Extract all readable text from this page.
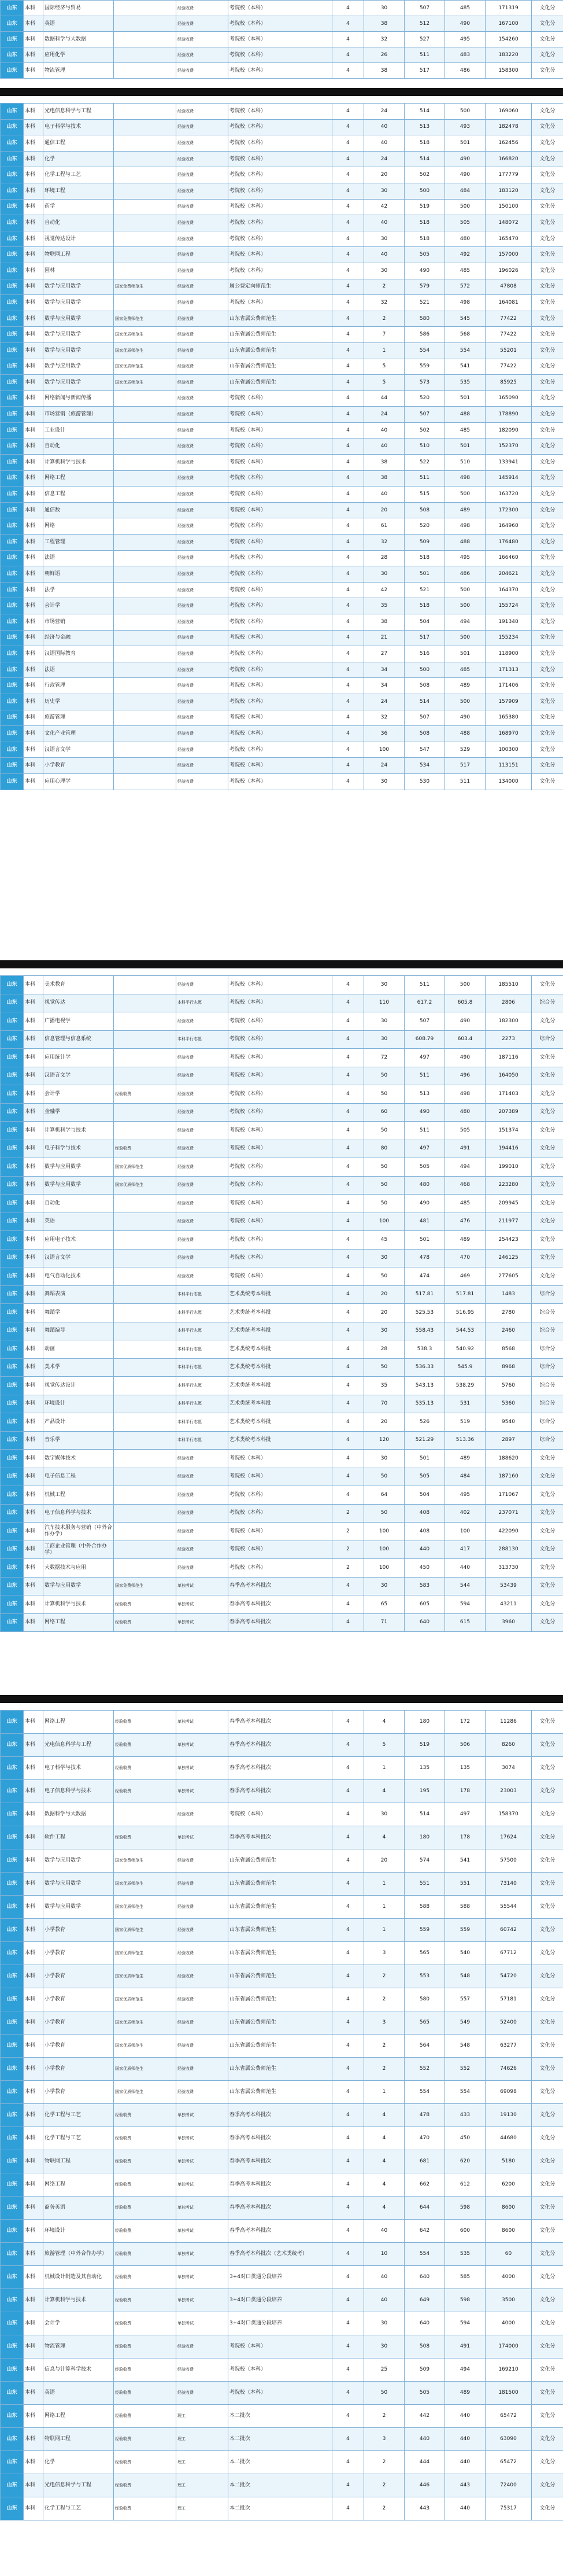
山东	本科	国际经济与贸易		经验收费	考院校（本科）	4	30	507	485	171319	文化分
山东	本科	英语		经验收费	考院校（本科）	4	38	512	490	167100	文化分
山东	本科	数据科学与大数据		经验收费	考院校（本科）	4	32	527	495	154260	文化分
山东	本科	应用化学		经验收费	考院校（本科）	4	26	511	483	183220	文化分
山东	本科	物流管理		经验收费	考院校（本科）	4	38	517	486	158300	文化分
山东	本科	光电信息科学与工程		经验收费	考院校（本科）	4	24	514	500	169060	文化分
山东	本科	电子科学与技术		经验收费	考院校（本科）	4	40	513	493	182478	文化分
山东	本科	通信工程		经验收费	考院校（本科）	4	40	518	501	162456	文化分
山东	本科	化学		经验收费	考院校（本科）	4	24	514	490	166820	文化分
山东	本科	化学工程与工艺		经验收费	考院校（本科）	4	20	502	490	177779	文化分
山东	本科	环境工程		经验收费	考院校（本科）	4	30	500	484	183120	文化分
山东	本科	药学		经验收费	考院校（本科）	4	42	519	500	150100	文化分
山东	本科	自动化		经验收费	考院校（本科）	4	40	518	505	148072	文化分
山东	本科	视觉传达设计		经验收费	考院校（本科）	4	30	518	480	165470	文化分
山东	本科	物联网工程		经验收费	考院校（本科）	4	40	505	492	157000	文化分
山东	本科	园林		经验收费	考院校（本科）	4	30	490	485	196026	文化分
山东	本科	数学与应用数学	国家免费师范生	经验收费	属公费定向师范生	4	2	579	572	47808	文化分
山东	本科	数学与应用数学		经验收费	考院校（本科）	4	32	521	498	164081	文化分
山东	本科	数学与应用数学	国家免费师范生	经验收费	山东省属公费师范生	4	2	580	545	77422	文化分
山东	本科	数学与应用数学	国家优质师范生	经验收费	山东省属公费师范生	4	7	586	568	77422	文化分
山东	本科	数学与应用数学	国家优质师范生	经验收费	山东省属公费师范生	4	1	554	554	55201	文化分
山东	本科	数学与应用数学	国家优质师范生	经验收费	山东省属公费师范生	4	5	559	541	77422	文化分
山东	本科	数学与应用数学	国家优质师范生	经验收费	山东省属公费师范生	4	5	573	535	85925	文化分
山东	本科	网络新闻与新闻传播		经验收费	考院校（本科）	4	44	520	501	165090	文化分
山东	本科	市场营销（旅游管理）		经验收费	考院校（本科）	4	24	507	488	178890	文化分
山东	本科	工业设计		经验收费	考院校（本科）	4	40	502	485	182090	文化分
山东	本科	自动化		经验收费	考院校（本科）	4	40	510	501	152370	文化分
山东	本科	计算机科学与技术		经验收费	考院校（本科）	4	38	522	510	133941	文化分
山东	本科	网络工程		经验收费	考院校（本科）	4	38	511	498	145914	文化分
山东	本科	信息工程		经验收费	考院校（本科）	4	40	515	500	163720	文化分
山东	本科	通信数		经验收费	考院校（本科）	4	20	508	489	172300	文化分
山东	本科	网络		经验收费	考院校（本科）	4	61	520	498	164960	文化分
山东	本科	工程管理		经验收费	考院校（本科）	4	32	509	488	176480	文化分
山东	本科	法语		经验收费	考院校（本科）	4	28	518	495	166460	文化分
山东	本科	朝鲜语		经验收费	考院校（本科）	4	30	501	486	204621	文化分
山东	本科	法学		经验收费	考院校（本科）	4	42	521	500	164370	文化分
山东	本科	会计学		经验收费	考院校（本科）	4	35	518	500	155724	文化分
山东	本科	市场营销		经验收费	考院校（本科）	4	38	504	494	191340	文化分
山东	本科	经济与金融		经验收费	考院校（本科）	4	21	517	500	155234	文化分
山东	本科	汉语国际教育		经验收费	考院校（本科）	4	27	516	501	118900	文化分
山东	本科	法语		经验收费	考院校（本科）	4	34	500	485	171313	文化分
山东	本科	行政管理		经验收费	考院校（本科）	4	34	508	489	171406	文化分
山东	本科	历史学		经验收费	考院校（本科）	4	24	514	500	157909	文化分
山东	本科	旅游管理		经验收费	考院校（本科）	4	32	507	490	165380	文化分
山东	本科	文化产业管理		经验收费	考院校（本科）	4	36	508	488	168970	文化分
山东	本科	汉语言文学		经验收费	考院校（本科）	4	100	547	529	100300	文化分
山东	本科	小学教育		经验收费	考院校（本科）	4	24	534	517	113151	文化分
山东	本科	应用心理学		经验收费	考院校（本科）	4	30	530	511	134000	文化分
山东	本科	美术教育		经验收费	考院校（本科）	4	30	511	500	185510	文化分
山东	本科	视觉传达		本科平行志愿	考院校（本科）	4	110	617.2	605.8	2806	综合分
山东	本科	广播电视学		经验收费	考院校（本科）	4	30	507	490	182300	文化分
山东	本科	信息管理与信息系统		本科平行志愿	考院校（本科）	4	30	608.79	603.4	2273	综合分
山东	本科	应用统计学		经验收费	考院校（本科）	4	72	497	490	187116	文化分
山东	本科	汉语言文学		经验收费	考院校（本科）	4	50	511	496	164050	文化分
山东	本科	会计学	经验收费	经验收费	考院校（本科）	4	50	513	498	171403	文化分
山东	本科	金融学		经验收费	考院校（本科）	4	60	490	480	207389	文化分
山东	本科	计算机科学与技术		经验收费	考院校（本科）	4	50	511	505	151374	文化分
山东	本科	电子科学与技术	经验收费	经验收费	考院校（本科）	4	80	497	491	194416	文化分
山东	本科	数学与应用数学	国家优质师范生	经验收费	考院校（本科）	4	50	505	494	199010	文化分
山东	本科	数学与应用数学	国家优质师范生	经验收费	考院校（本科）	4	50	480	468	223280	文化分
山东	本科	自动化		经验收费	考院校（本科）	4	50	490	485	209945	文化分
山东	本科	英语		经验收费	考院校（本科）	4	100	481	476	211977	文化分
山东	本科	应用电子技术		经验收费	考院校（本科）	4	45	501	489	254423	文化分
山东	本科	汉语言文学		经验收费	考院校（本科）	4	30	478	470	246125	文化分
山东	本科	电气自动化技术		经验收费	考院校（本科）	4	50	474	469	277605	文化分
山东	本科	舞蹈表演		本科平行志愿	艺术类统考本科批	4	20	517.81	517.81	1483	综合分
山东	本科	舞蹈学		本科平行志愿	艺术类统考本科批	4	20	525.53	516.95	2780	综合分
山东	本科	舞蹈编导		本科平行志愿	艺术类统考本科批	4	30	558.43	544.53	2460	综合分
山东	本科	动画		本科平行志愿	艺术类统考本科批	4	28	538.3	540.92	8568	综合分
山东	本科	美术学		本科平行志愿	艺术类统考本科批	4	50	536.33	545.9	8968	综合分
山东	本科	视觉传达设计		本科平行志愿	艺术类统考本科批	4	35	543.13	538.29	5760	综合分
山东	本科	环境设计		本科平行志愿	艺术类统考本科批	4	70	535.13	531	5360	综合分
山东	本科	产品设计		本科平行志愿	艺术类统考本科批	4	20	526	519	9540	综合分
山东	本科	音乐学		本科平行志愿	艺术类统考本科批	4	120	521.29	513.36	2897	综合分
山东	本科	数字媒体技术		经验收费	考院校（本科）	4	30	501	489	188620	文化分
山东	本科	电子信息工程		经验收费	考院校（本科）	4	50	505	484	187160	文化分
山东	本科	机械工程		经验收费	考院校（本科）	4	64	504	495	171067	文化分
山东	本科	电子信息科学与技术		经验收费	考院校（本科）	2	50	408	402	237071	文化分
山东	本科	汽车技术服务与营销（中外合作办学）		经验收费	考院校（本科）	2	100	408	100	422090	文化分
山东	本科	工商企业管理（中外合作办学）		经验收费	考院校（本科）	2	100	440	417	288130	文化分
山东	本科	大数据技术与应用		经验收费	考院校（本科）	2	100	450	440	313730	文化分
山东	本科	数学与应用数学	国家免费师范生	单独考试	春季高考本科批次	4	30	583	544	53439	文化分
山东	本科	计算机科学与技术	经验收费	单独考试	春季高考本科批次	4	65	605	594	43211	文化分
山东	本科	网络工程	经验收费	单独考试	春季高考本科批次	4	71	640	615	3960	文化分
山东	本科	网络工程	经验收费	单独考试	春季高考本科批次	4	4	180	172	11286	文化分
山东	本科	光电信息科学与工程	经验收费	单独考试	春季高考本科批次	4	5	519	506	8260	文化分
山东	本科	电子科学与技术	经验收费	单独考试	春季高考本科批次	4	1	135	135	3074	文化分
山东	本科	电子信息科学与技术	经验收费	单独考试	春季高考本科批次	4	4	195	178	23003	文化分
山东	本科	数据科学与大数据		经验收费	考院校（本科）	4	30	514	497	158370	文化分
山东	本科	软件工程	经验收费	单独考试	春季高考本科批次	4	4	180	178	17624	文化分
山东	本科	数学与应用数学	国家免费师范生	经验收费	山东省属公费师范生	4	20	574	541	57500	文化分
山东	本科	数学与应用数学	国家优质师范生	经验收费	山东省属公费师范生	4	1	551	551	73140	文化分
山东	本科	数学与应用数学	国家优质师范生	经验收费	山东省属公费师范生	4	1	588	588	55544	文化分
山东	本科	小学教育	国家优质师范生	经验收费	山东省属公费师范生	4	1	559	559	60742	文化分
山东	本科	小学教育	国家优质师范生	经验收费	山东省属公费师范生	4	3	565	540	67712	文化分
山东	本科	小学教育	国家优质师范生	经验收费	山东省属公费师范生	4	2	553	548	54720	文化分
山东	本科	小学教育	国家优质师范生	经验收费	山东省属公费师范生	4	2	580	557	57181	文化分
山东	本科	小学教育	国家优质师范生	经验收费	山东省属公费师范生	4	3	565	549	52400	文化分
山东	本科	小学教育	国家优质师范生	经验收费	山东省属公费师范生	4	2	564	548	63277	文化分
山东	本科	小学教育	国家优质师范生	经验收费	山东省属公费师范生	4	2	552	552	74626	文化分
山东	本科	小学教育	国家优质师范生	经验收费	山东省属公费师范生	4	1	554	554	69098	文化分
山东	本科	化学工程与工艺	经验收费	单独考试	春季高考本科批次	4	4	478	433	19130	文化分
山东	本科	化学工程与工艺	经验收费	单独考试	春季高考本科批次	4	4	470	450	44680	文化分
山东	本科	物联网工程	经验收费	单独考试	春季高考本科批次	4	4	681	620	5180	文化分
山东	本科	网络工程	经验收费	单独考试	春季高考本科批次	4	4	662	612	6200	文化分
山东	本科	商务英语	经验收费	单独考试	春季高考本科批次	4	4	644	598	8600	文化分
山东	本科	环境设计	经验收费	单独考试	春季高考本科批次	4	40	642	600	8600	文化分
山东	本科	旅游管理（中外合作办学）	经验收费	单独考试	春季高考本科批次（艺术类统考）	4	10	554	535	60	文化分
山东	本科	机械设计制造及其自动化	经验收费	单独考试	3+4对口贯通分段培养	4	40	640	585	4000	文化分
山东	本科	计算机科学与技术	经验收费	单独考试	3+4对口贯通分段培养	4	40	649	598	3500	文化分
山东	本科	会计学	经验收费	单独考试	3+4对口贯通分段培养	4	30	640	594	4000	文化分
山东	本科	物流管理	经验收费	经验收费	考院校（本科）	4	30	508	491	174000	文化分
山东	本科	信息与计算科学技术	经验收费	经验收费	考院校（本科）	4	25	509	494	169210	文化分
山东	本科	英语	经验收费	经验收费	考院校（本科）	4	50	505	489	181500	文化分
山东	本科	网络工程	经验收费	理工	本二批次	4	2	442	440	65472	文化分
山东	本科	物联网工程	经验收费	理工	本二批次	4	3	440	440	63090	文化分
山东	本科	化学	经验收费	理工	本二批次	4	2	444	440	65472	文化分
山东	本科	光电信息科学与工程	经验收费	理工	本二批次	4	2	446	443	72400	文化分
山东	本科	化学工程与工艺	经验收费	理工	本二批次	4	2	443	440	75317	文化分
